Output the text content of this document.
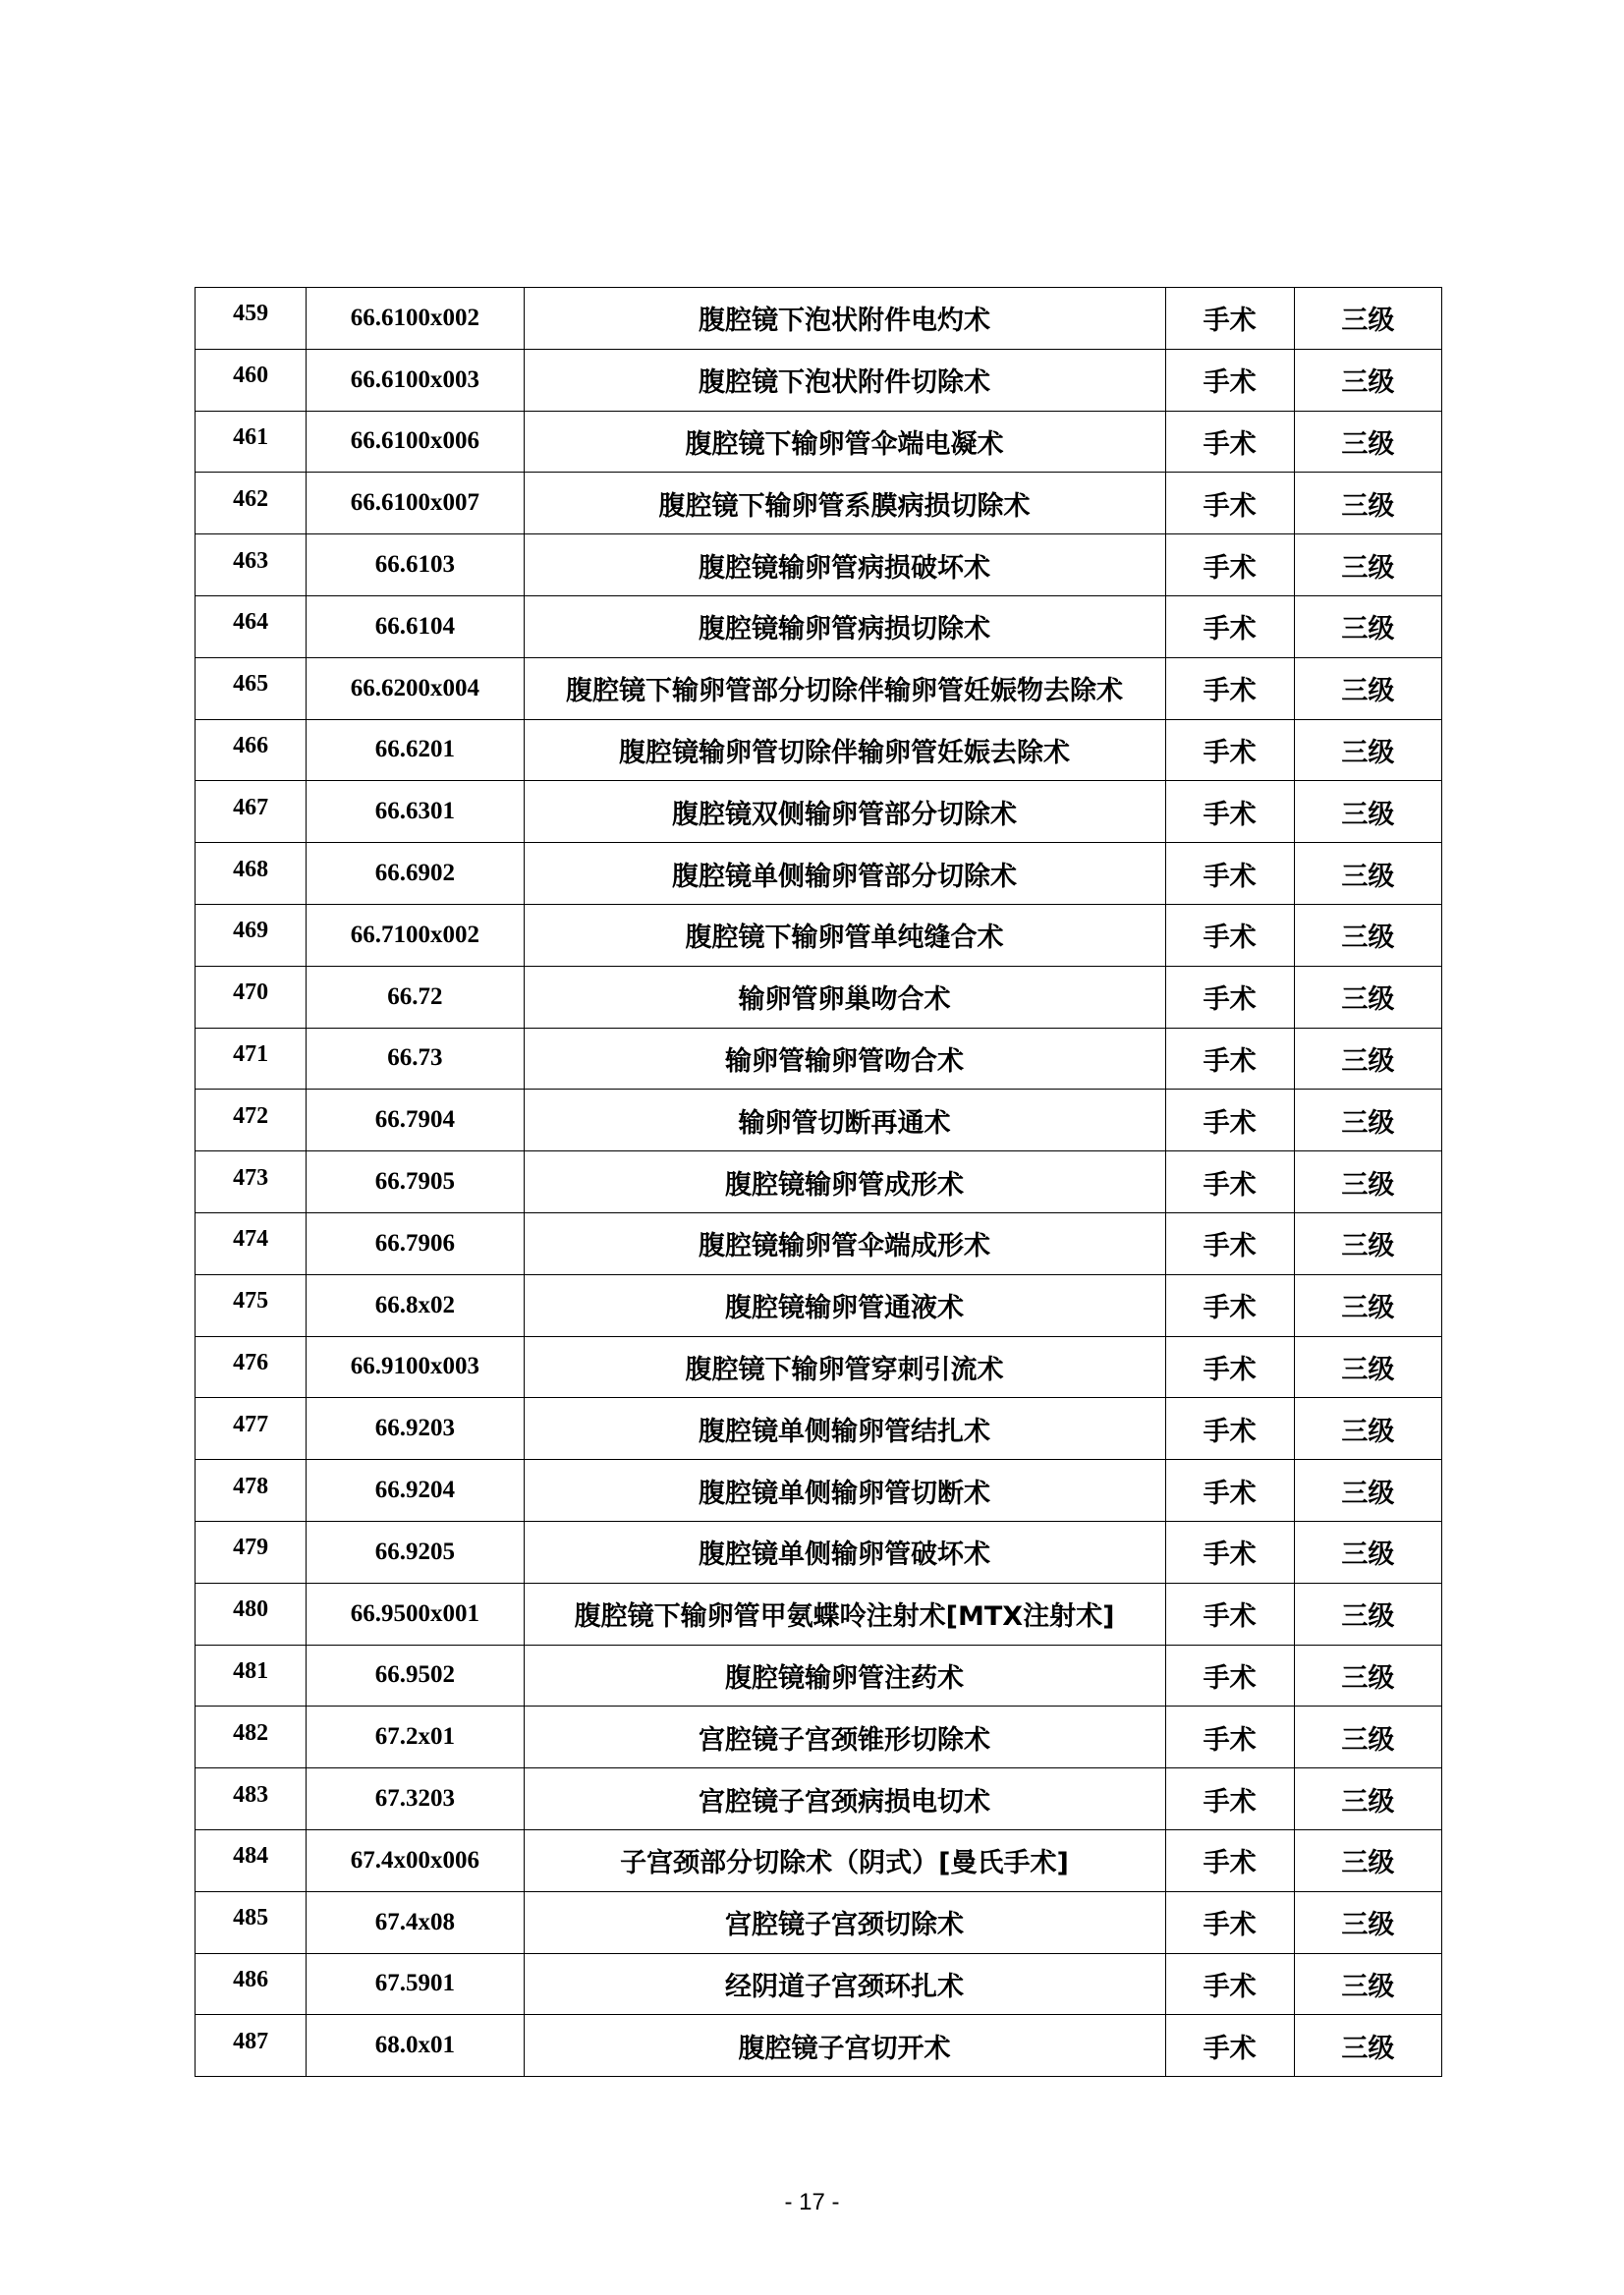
459	66.6100x002	腹腔镜下泡状附件电灼术	手术	三级
460	66.6100x003	腹腔镜下泡状附件切除术	手术	三级
461	66.6100x006	腹腔镜下输卵管伞端电凝术	手术	三级
462	66.6100x007	腹腔镜下输卵管系膜病损切除术	手术	三级
463	66.6103	腹腔镜输卵管病损破坏术	手术	三级
464	66.6104	腹腔镜输卵管病损切除术	手术	三级
465	66.6200x004	腹腔镜下输卵管部分切除伴输卵管妊娠物去除术	手术	三级
466	66.6201	腹腔镜输卵管切除伴输卵管妊娠去除术	手术	三级
467	66.6301	腹腔镜双侧输卵管部分切除术	手术	三级
468	66.6902	腹腔镜单侧输卵管部分切除术	手术	三级
469	66.7100x002	腹腔镜下输卵管单纯缝合术	手术	三级
470	66.72	输卵管卵巢吻合术	手术	三级
471	66.73	输卵管输卵管吻合术	手术	三级
472	66.7904	输卵管切断再通术	手术	三级
473	66.7905	腹腔镜输卵管成形术	手术	三级
474	66.7906	腹腔镜输卵管伞端成形术	手术	三级
475	66.8x02	腹腔镜输卵管通液术	手术	三级
476	66.9100x003	腹腔镜下输卵管穿刺引流术	手术	三级
477	66.9203	腹腔镜单侧输卵管结扎术	手术	三级
478	66.9204	腹腔镜单侧输卵管切断术	手术	三级
479	66.9205	腹腔镜单侧输卵管破坏术	手术	三级
480	66.9500x001	腹腔镜下输卵管甲氨蝶呤注射术[MTX注射术]	手术	三级
481	66.9502	腹腔镜输卵管注药术	手术	三级
482	67.2x01	宫腔镜子宫颈锥形切除术	手术	三级
483	67.3203	宫腔镜子宫颈病损电切术	手术	三级
484	67.4x00x006	子宫颈部分切除术（阴式）[曼氏手术]	手术	三级
485	67.4x08	宫腔镜子宫颈切除术	手术	三级
486	67.5901	经阴道子宫颈环扎术	手术	三级
487	68.0x01	腹腔镜子宫切开术	手术	三级
- 17 -
